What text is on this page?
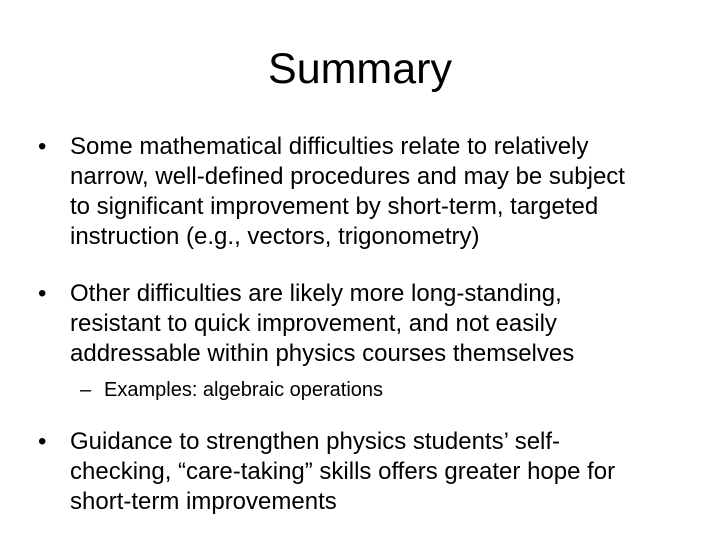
Summary
• Some mathematical difficulties relate to relatively
narrow, well-defined procedures and may be subject
to significant improvement by short-term, targeted
instruction (e.g., vectors, trigonometry)
• Other difficulties are likely more long-standing,
resistant to quick improvement, and not easily
addressable within physics courses themselves
– Examples: algebraic operations
• Guidance to strengthen physics students’ self-
checking, “care-taking” skills offers greater hope for
short-term improvements
